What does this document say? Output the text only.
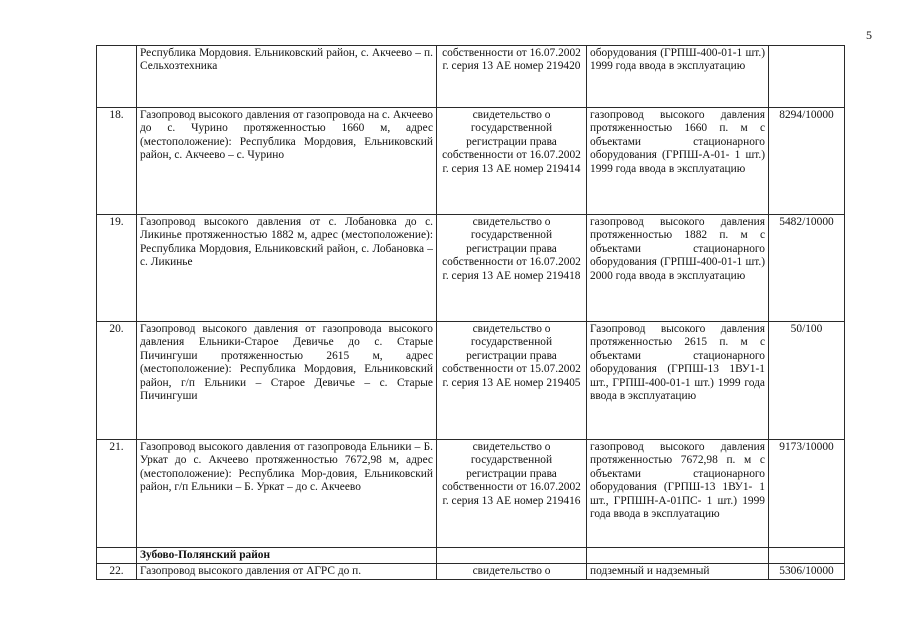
5
	Республика Мордовия. Ельниковский район, с. Акчеево – п. Сельхозтехника	собственности от 16.07.2002 г. серия 13 АЕ номер 219420	оборудования (ГРПШ-400-01-1 шт.) 1999 года ввода в эксплуатацию	
18.	Газопровод высокого давления от газопровода на с. Акчеево до с. Чурино протяженностью 1660 м, адрес (местоположение): Республика Мордовия, Ельниковский район, с. Акчеево – с. Чурино	свидетельство о государственной регистрации права собственности от 16.07.2002 г. серия 13 АЕ номер 219414	газопровод высокого давления протяженностью 1660 п. м с объектами стационарного оборудования (ГРПШ-А-01- 1 шт.) 1999 года ввода в эксплуатацию	8294/10000
19.	Газопровод высокого давления от с. Лобановка до с. Ликинье протяженностью 1882 м, адрес (местоположение): Республика Мордовия, Ельниковский район, с. Лобановка – с. Ликинье	свидетельство о государственной регистрации права собственности от 16.07.2002 г. серия 13 АЕ номер 219418	газопровод высокого давления протяженностью 1882 п. м с объектами стационарного оборудования (ГРПШ-400-01-1 шт.) 2000 года ввода в эксплуатацию	5482/10000
20.	Газопровод высокого давления от газопровода высокого давления Ельники-Старое Девичье до с. Старые Пичингуши протяженностью 2615 м, адрес (местоположение): Республика Мордовия, Ельниковский район, г/п Ельники – Старое Девичье – с. Старые Пичингуши	свидетельство о государственной регистрации права собственности от 15.07.2002 г. серия 13 АЕ номер 219405	Газопровод высокого давления протяженностью 2615 п. м с объектами стационарного оборудования (ГРПШ-13 1ВУ1-1 шт., ГРПШ-400-01-1 шт.) 1999 года ввода в эксплуатацию	50/100
21.	Газопровод высокого давления от газопровода Ельники – Б. Уркат до с. Акчеево протяженностью 7672,98 м, адрес (местоположение): Республика Мор-довия, Ельниковский район, г/п Ельники – Б. Уркат – до с. Акчеево	свидетельство о государственной регистрации права собственности от 16.07.2002 г. серия 13 АЕ номер 219416	газопровод высокого давления протяженностью 7672,98 п. м с объектами стационарного оборудования (ГРПШ-13 1ВУ1- 1 шт., ГРПШН-А-01ПС- 1 шт.) 1999 года ввода в эксплуатацию	9173/10000
	Зубово-Полянский район			
22.	Газопровод высокого давления от АГРС до п.	свидетельство о	подземный и надземный	5306/10000
